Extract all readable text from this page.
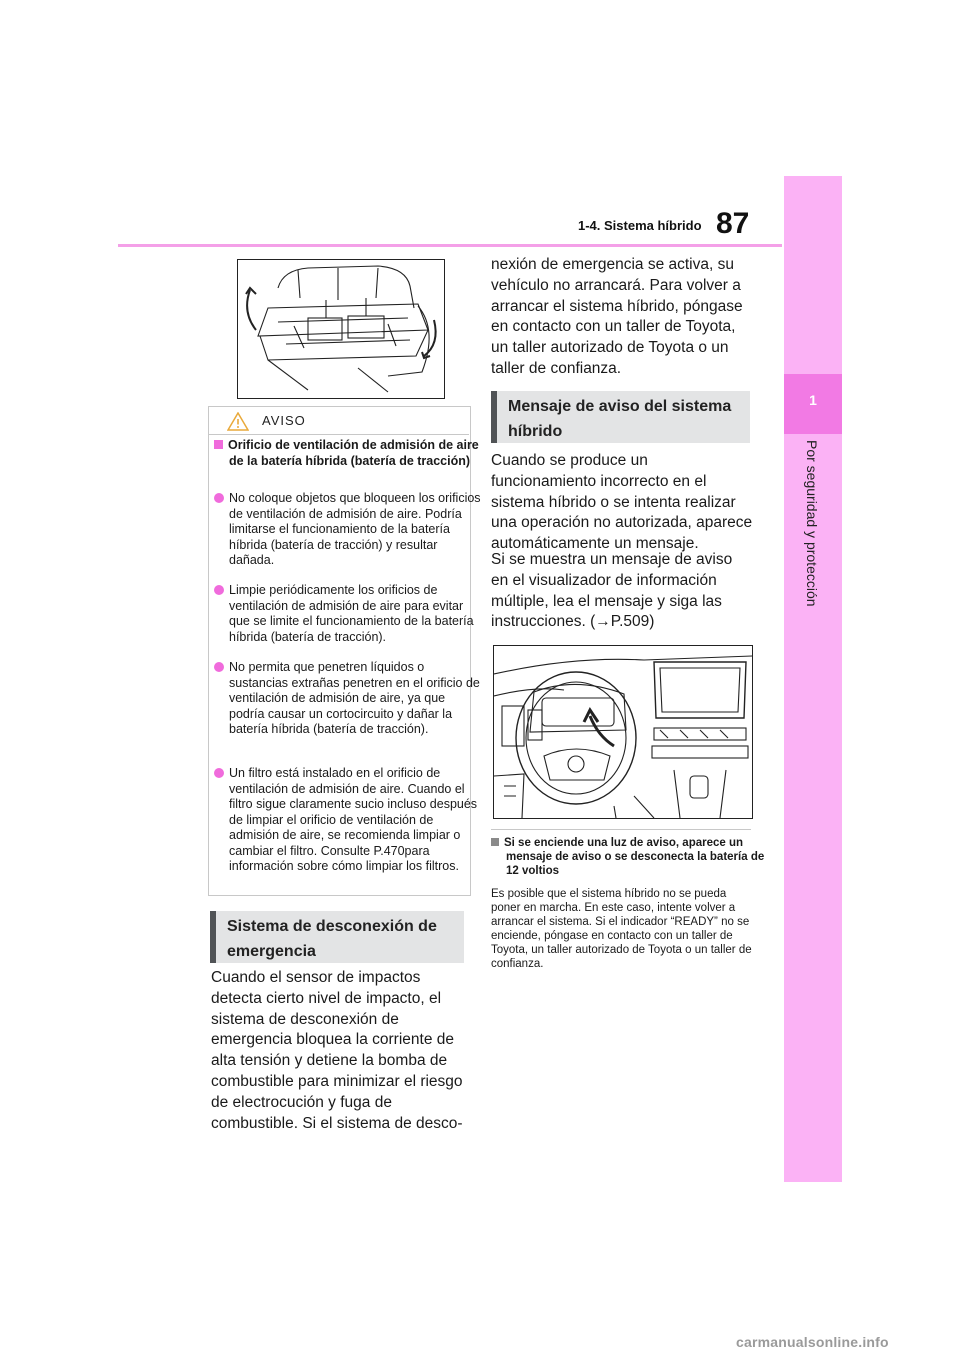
87
1-4. Sistema híbrido
1
Por seguridad y protección
AVISO
Orificio de ventilación de admisión de aire de la batería híbrida (batería de tracción)
No coloque objetos que bloqueen los orificios de ventilación de admisión de aire. Podría limitarse el funcionamiento de la batería híbrida (batería de tracción) y resultar dañada.
Limpie periódicamente los orificios de ventilación de admisión de aire para evitar que se limite el funcionamiento de la batería híbrida (batería de tracción).
No permita que penetren líquidos o sustancias extrañas penetren en el orificio de ventilación de admisión de aire, ya que podría causar un cortocircuito y dañar la batería híbrida (batería de tracción).
Un filtro está instalado en el orificio de ventilación de admisión de aire. Cuando el filtro sigue claramente sucio incluso después de limpiar el orificio de ventilación de admisión de aire, se recomienda limpiar o cambiar el filtro. Consulte P.470para información sobre cómo limpiar los filtros.
Sistema de desconexión de emergencia
Cuando el sensor de impactos detecta cierto nivel de impacto, el sistema de desconexión de emergencia bloquea la corriente de alta tensión y detiene la bomba de combustible para minimizar el riesgo de electrocución y fuga de combustible. Si el sistema de desco-
nexión de emergencia se activa, su vehículo no arrancará. Para volver a arrancar el sistema híbrido, póngase en contacto con un taller de Toyota, un taller autorizado de Toyota o un taller de confianza.
Mensaje de aviso del sistema híbrido
Cuando se produce un funcionamiento incorrecto en el sistema híbrido o se intenta realizar una operación no autorizada, aparece automáticamente un mensaje.
Si se muestra un mensaje de aviso en el visualizador de información múltiple, lea el mensaje y siga las instrucciones. (→P.509)
Si se enciende una luz de aviso, aparece un mensaje de aviso o se desconecta la batería de 12 voltios
Es posible que el sistema híbrido no se pueda poner en marcha. En este caso, intente volver a arrancar el sistema. Si el indicador “READY” no se enciende, póngase en contacto con un taller de Toyota, un taller autorizado de Toyota o un taller de confianza.
carmanualsonline.info
